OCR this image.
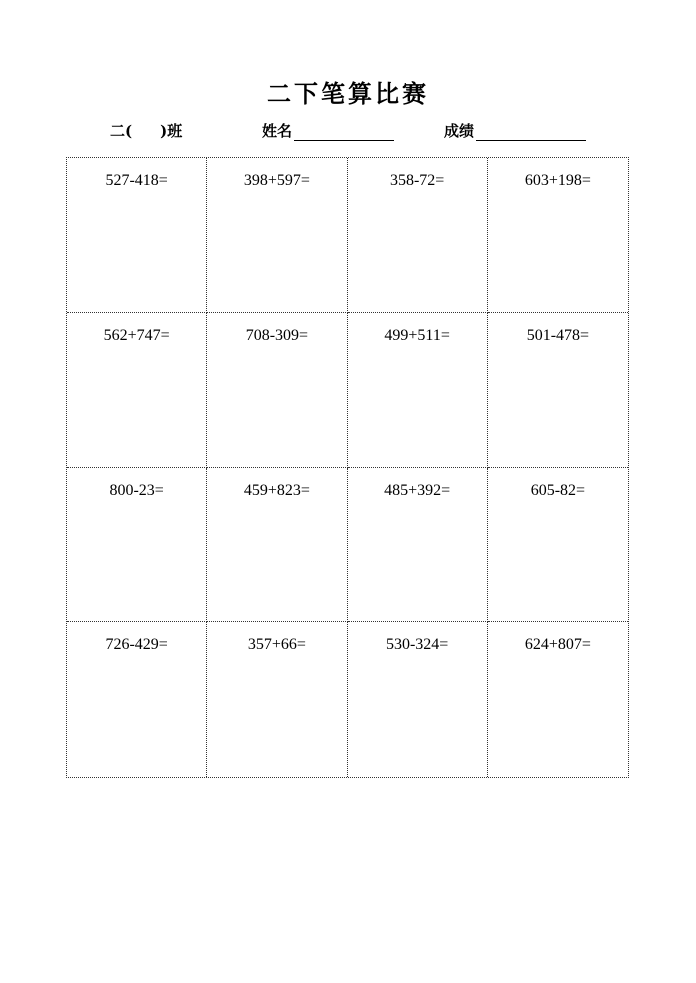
二下笔算比赛
二( )班	姓名	成绩
527-418=	398+597=	358-72=	603+198=
562+747=	708-309=	499+511=	501-478=
800-23=	459+823=	485+392=	605-82=
726-429=	357+66=	530-324=	624+807=
